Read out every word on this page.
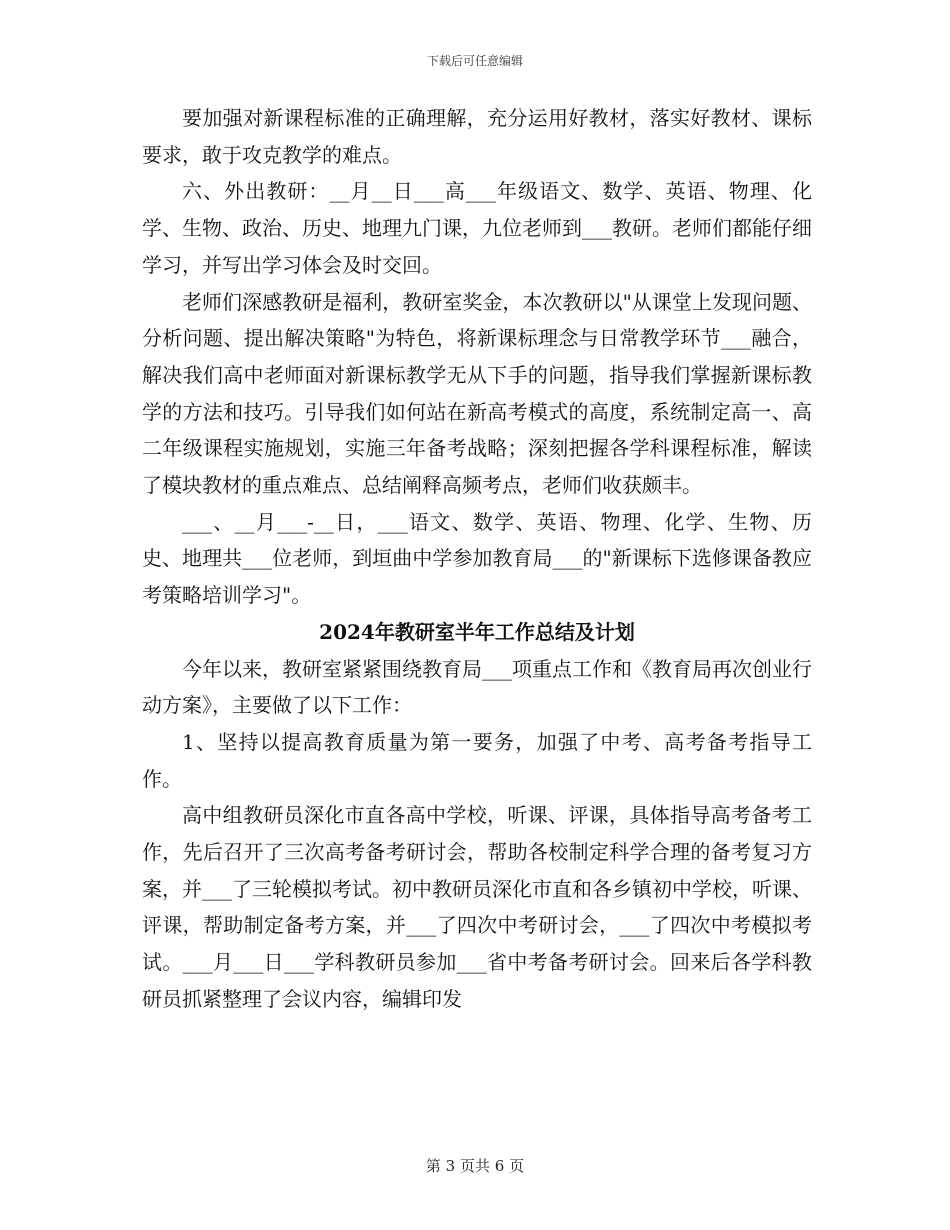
下载后可任意编辑

要加强对新课程标准的正确理解，充分运用好教材，落实好教材、课标要求，敢于攻克教学的难点。

六、外出教研：__月__日___高___年级语文、数学、英语、物理、化学、生物、政治、历史、地理九门课，九位老师到___教研。老师们都能仔细学习，并写出学习体会及时交回。

老师们深感教研是福利，教研室奖金，本次教研以"从课堂上发现问题、分析问题、提出解决策略"为特色，将新课标理念与日常教学环节___融合，解决我们高中老师面对新课标教学无从下手的问题，指导我们掌握新课标教学的方法和技巧。引导我们如何站在新高考模式的高度，系统制定高一、高二年级课程实施规划，实施三年备考战略；深刻把握各学科课程标准，解读了模块教材的重点难点、总结阐释高频考点，老师们收获颇丰。

___、__月___-__日，___语文、数学、英语、物理、化学、生物、历史、地理共___位老师，到垣曲中学参加教育局___的"新课标下选修课备教应考策略培训学习"。

2024年教研室半年工作总结及计划

今年以来，教研室紧紧围绕教育局___项重点工作和《教育局再次创业行动方案》，主要做了以下工作：

1、坚持以提高教育质量为第一要务，加强了中考、高考备考指导工作。

高中组教研员深化市直各高中学校，听课、评课，具体指导高考备考工作，先后召开了三次高考备考研讨会，帮助各校制定科学合理的备考复习方案，并___了三轮模拟考试。初中教研员深化市直和各乡镇初中学校，听课、评课，帮助制定备考方案，并___了四次中考研讨会，___了四次中考模拟考试。___月___日___学科教研员参加___省中考备考研讨会。回来后各学科教研员抓紧整理了会议内容，编辑印发

第 3 页共 6 页
